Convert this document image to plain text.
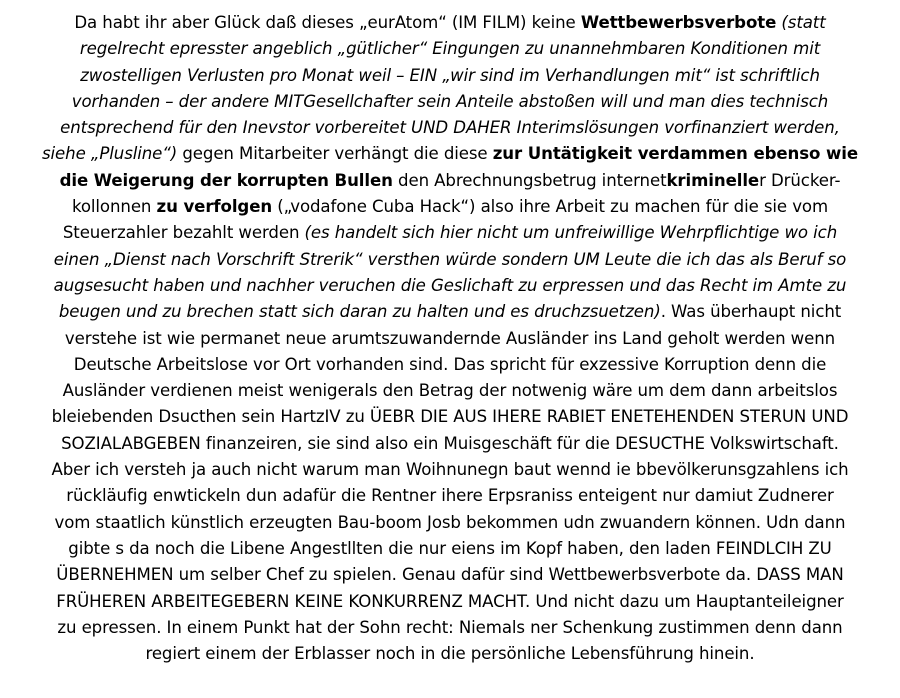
Da habt ihr aber Glück daß dieses „eurAtom“ (IM FILM) keine Wettbewerbsverbote (statt
regelrecht epresster angeblich „gütlicher“ Eingungen zu unannehmbaren Konditionen mit
zwostelligen Verlusten pro Monat weil – EIN „wir sind im Verhandlungen mit“ ist schriftlich
vorhanden – der andere MITGesellchafter sein Anteile abstoßen will und man dies technisch
entsprechend für den Inevstor vorbereitet UND DAHER Interimslösungen vorfinanziert werden,
siehe „Plusline“) gegen Mitarbeiter verhängt die diese zur Untätigkeit verdammen ebenso wie
die Weigerung der korrupten Bullen den Abrechnungsbetrug internetkrimineller Drücker-
kollonnen zu verfolgen („vodafone Cuba Hack“) also ihre Arbeit zu machen für die sie vom
Steuerzahler bezahlt werden (es handelt sich hier nicht um unfreiwillige Wehrpflichtige wo ich
einen „Dienst nach Vorschrift Strerik“ versthen würde sondern UM Leute die ich das als Beruf so
augsesucht haben und nachher veruchen die Geslichaft zu erpressen und das Recht im Amte zu
beugen und zu brechen statt sich daran zu halten und es druchzsuetzen). Was überhaupt nicht
verstehe ist wie permanet neue arumtszuwandernde Ausländer ins Land geholt werden wenn
Deutsche Arbeitslose vor Ort vorhanden sind. Das spricht für exzessive Korruption denn die
Ausländer verdienen meist wenigerals den Betrag der notwenig wäre um dem dann arbeitslos
bleiebenden Dsucthen sein HartzIV zu ÜEBR DIE AUS IHERE RABIET ENETEHENDEN STERUN UND
SOZIALABGEBEN finanzeiren, sie sind also ein Muisgeschäft für die DESUCTHE Volkswirtschaft.
Aber ich versteh ja auch nicht warum man Woihnunegn baut wennd ie bbevölkerunsgzahlens ich
rückläufig enwtickeln dun adafür die Rentner ihere Erpsraniss enteigent nur damiut Zudnerer
vom staatlich künstlich erzeugten Bau-boom Josb bekommen udn zwuandern können. Udn dann
gibte s da noch die Libene Angestllten die nur eiens im Kopf haben, den laden FEINDLCIH ZU
ÜBERNEHMEN um selber Chef zu spielen. Genau dafür sind Wettbewerbsverbote da. DASS MAN
FRÜHEREN ARBEITEGEBERN KEINE KONKURRENZ MACHT. Und nicht dazu um Hauptanteileigner
zu epressen. In einem Punkt hat der Sohn recht: Niemals ner Schenkung zustimmen denn dann
regiert einem der Erblasser noch in die persönliche Lebensführung hinein.
